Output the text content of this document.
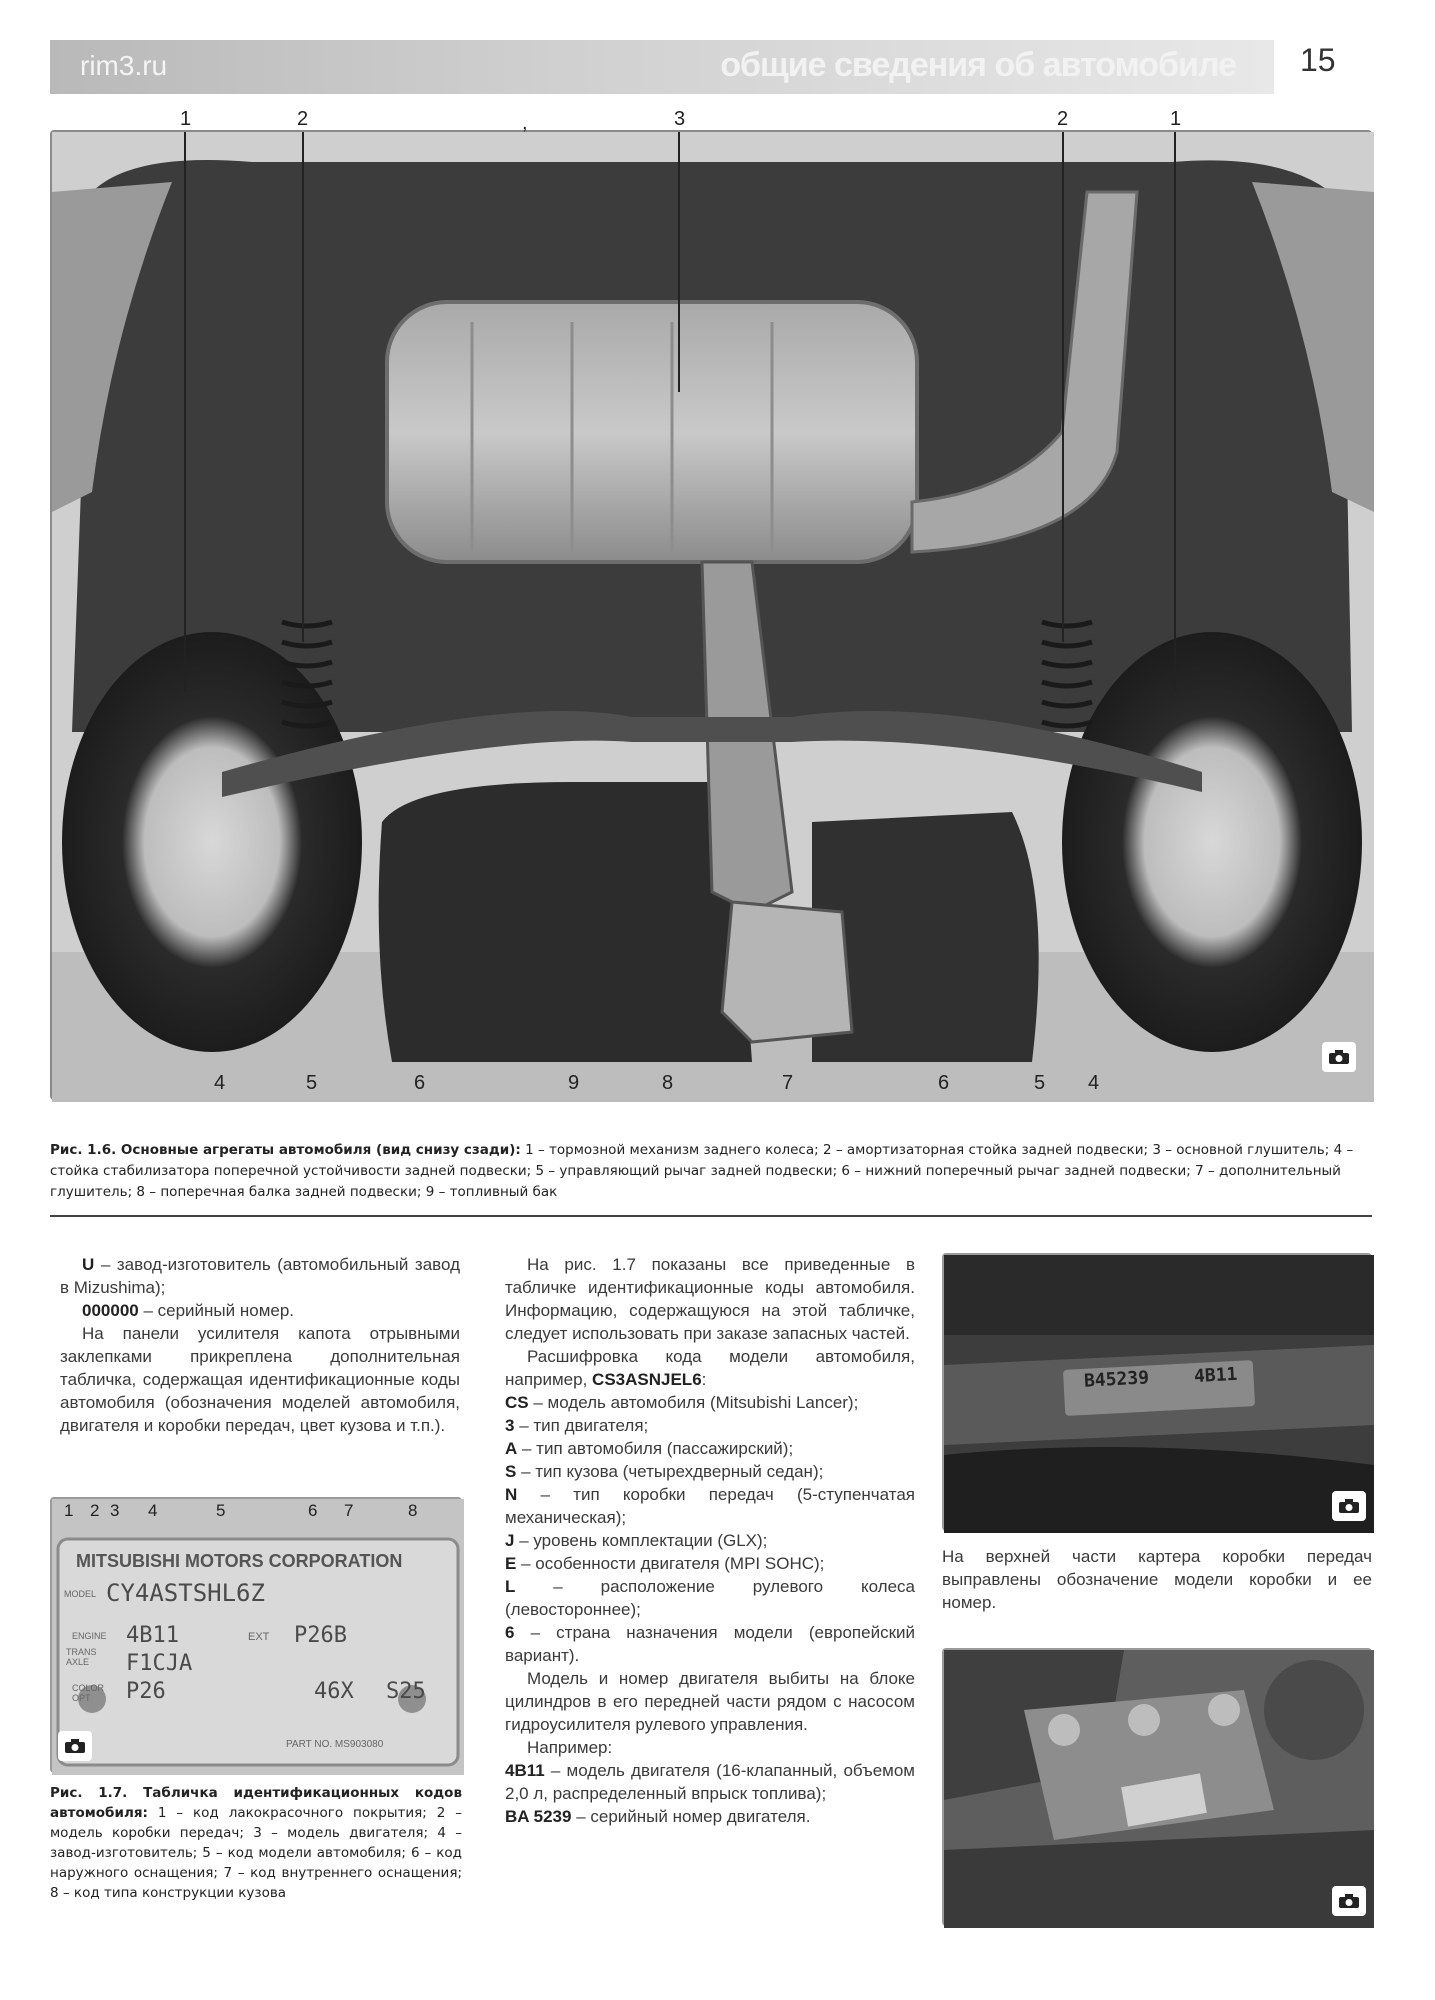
rim3.ru	общие сведения об автомобиле 15
1	2	,	3	2	1
4	5	6	9	8	7	6	5 4
Рис. 1.6. Основные агрегаты автомобиля (вид снизу сзади): 1 – тормозной механизм заднего колеса; 2 – амортизаторная стойка задней подвески; 3 – основной глушитель; 4 – стойка стабилизатора поперечной устойчивости задней подвески; 5 – управляющий рычаг задней подвески; 6 – нижний поперечный рычаг задней подвески; 7 – дополнительный глушитель; 8 – поперечная балка задней подвески; 9 – топливный бак

U – завод-изготовитель (автомобильный завод в Mizushima);

000000 – серийный номер.

На панели усилителя капота отрывными заклепками прикреплена дополнительная табличка, содержащая идентификационные коды автомобиля (обозначения моделей автомобиля, двигателя и коробки передач, цвет кузова и т.п.).

1 2 3 4	5	6 7	8
MITSUBISHI MOTORS CORPORATION
MODEL CY4ASTSHL6Z
ENGINE 4B11
TRANS AXLE	F1CJA
COLOR OPT	P26
EXT P26B
46X S25
PART NO. MS903080
Рис. 1.7. Табличка идентификационных кодов автомобиля: 1 – код лакокрасочного покрытия; 2 – модель коробки передач; 3 – модель двигателя; 4 – завод-изготовитель; 5 – код модели автомобиля; 6 – код наружного оснащения; 7 – код внутреннего оснащения; 8 – код типа конструкции кузова

На рис. 1.7 показаны все приведенные в табличке идентификационные коды автомобиля. Информацию, содержащуюся на этой табличке, следует использовать при заказе запасных частей.

Расшифровка кода модели автомобиля, например, CS3ASNJEL6:

CS – модель автомобиля (Mitsubishi Lancer);

3 – тип двигателя;

A – тип автомобиля (пассажирский);

S – тип кузова (четырехдверный седан);

N – тип коробки передач (5-ступенчатая механическая);

J – уровень комплектации (GLX);

E – особенности двигателя (MPI SOHC);

L – расположение рулевого колеса (левостороннее);

6 – страна назначения модели (европейский вариант).

Модель и номер двигателя выбиты на блоке цилиндров в его передней части рядом с насосом гидроусилителя рулевого управления.

Например:

4B11 – модель двигателя (16-клапанный, объемом 2,0 л, распределенный впрыск топлива);

BA 5239 – серийный номер двигателя.

B45239 4B11
На верхней части картера коробки передач выправлены обозначение модели коробки и ее номер.
